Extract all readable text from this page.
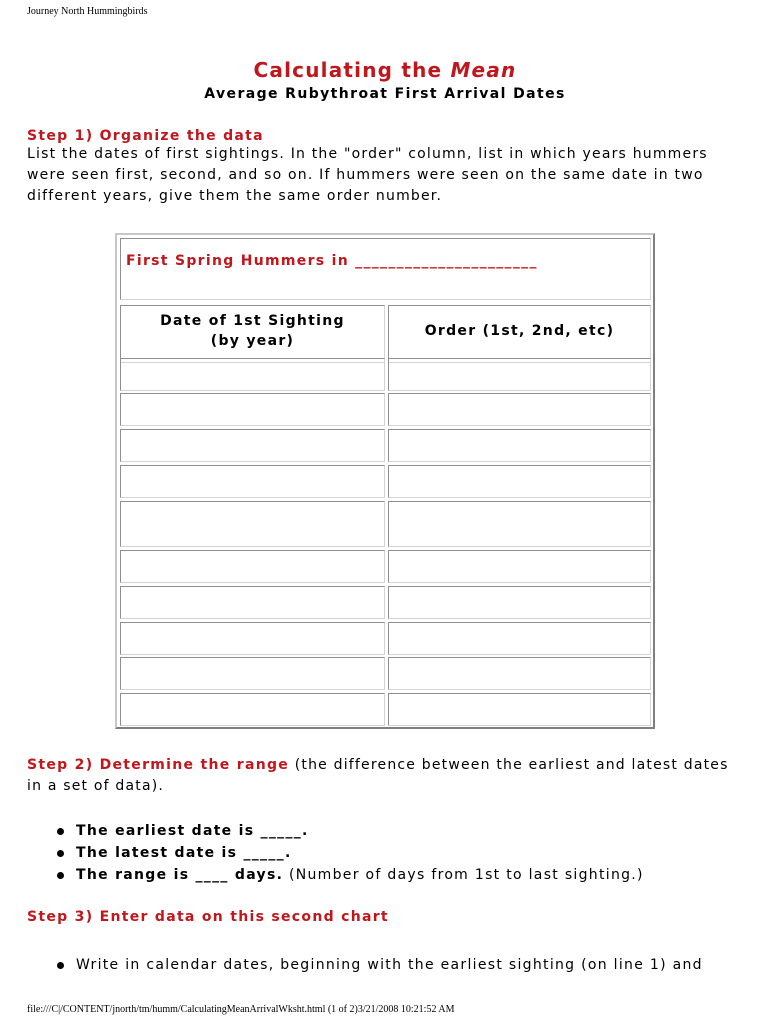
Journey North Hummingbirds
Calculating the Mean
Average Rubythroat First Arrival Dates
Step 1) Organize the data

List the dates of first sightings. In the "order" column, list in which years hummers were seen first, second, and so on. If hummers were seen on the same date in two different years, give them the same order number.

First Spring Hummers in ______________________
Date of 1st Sighting
(by year)
Order (1st, 2nd, etc)

Step 2) Determine the range (the difference between the earliest and latest dates in a set of data).

The earliest date is _____.
The latest date is _____.
The range is ____ days. (Number of days from 1st to last sighting.)
Step 3) Enter data on this second chart
Write in calendar dates, beginning with the earliest sighting (on line 1) and
file:///C|/CONTENT/jnorth/tm/humm/CalculatingMeanArrivalWksht.html (1 of 2)3/21/2008 10:21:52 AM
